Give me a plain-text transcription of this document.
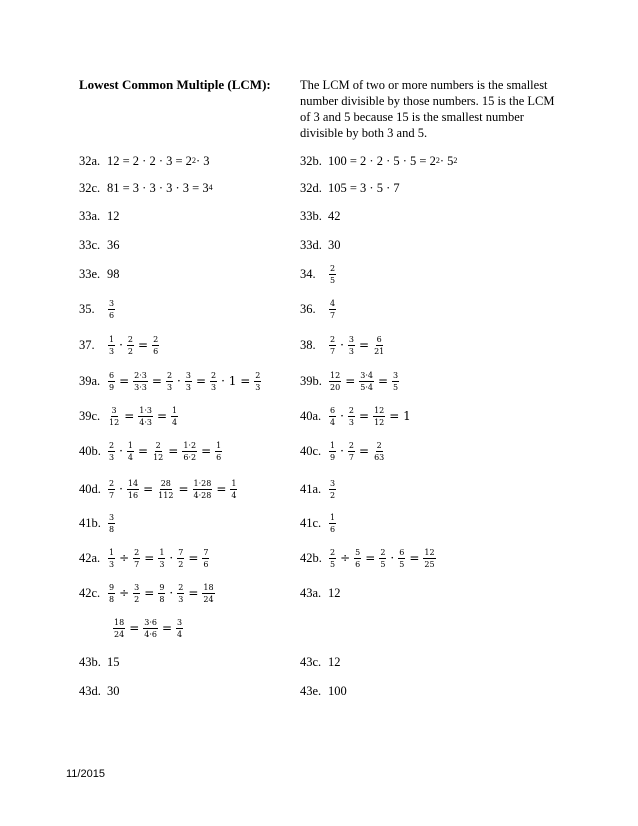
Lowest Common Multiple (LCM): The LCM of two or more numbers is the smallest number divisible by those numbers. 15 is the LCM of 3 and 5 because 15 is the smallest number divisible by both 3 and 5.
32a. 12 = 2 · 2 · 3 = 2 2 · 3	32b. 100 = 2 · 2 · 5 · 5 = 2 2 · 5 2
32c. 81 = 3 · 3 · 3 · 3 = 3 4	32d. 105 = 3 · 5 · 7
33a. 12	33b. 42
33c. 36	33d. 30
33e. 98	34.	$\frac{2}{5}$
35.	$\frac{3}{6}$	36.	$\frac{4}{7}$
37.	$\frac{1}{3} \cdot \frac{2}{2} = \frac{2}{6}$	38.	$\frac{2}{7} \cdot \frac{3}{3} = \frac{6}{21}$
39a. $\frac{6}{9} = \frac{2\cdot 3}{3\cdot 3} = \frac{2}{3} \cdot \frac{3}{3} = \frac{2}{3} \cdot 1 = \frac{2}{3}$	39b. $\frac{12}{20} = \frac{3\cdot 4}{5\cdot 4} = \frac{3}{5}$
39c. $\frac{3}{12} = \frac{1\cdot 3}{4\cdot 3} = \frac{1}{4}$	40a. $\frac{6}{4} \cdot \frac{2}{3} = \frac{12}{12} = 1$
40b. $\frac{2}{3} \cdot \frac{1}{4} = \frac{2}{12} = \frac{1\cdot 2}{6\cdot 2} = \frac{1}{6}$	40c. $\frac{1}{9} \cdot \frac{2}{7} = \frac{2}{63}$
40d. $\frac{2}{7} \cdot \frac{14}{16} = \frac{28}{112} = \frac{1\cdot 28}{4\cdot 28} = \frac{1}{4}$	41a. $\frac{3}{2}$
41b. $\frac{3}{8}$	41c. $\frac{1}{6}$
42a. $\frac{1}{3} \div \frac{2}{7} = \frac{1}{3} \cdot \frac{7}{2} = \frac{7}{6}$	42b. $\frac{2}{5} \div \frac{5}{6} = \frac{2}{5} \cdot \frac{6}{5} = \frac{12}{25}$
42c. $\frac{9}{8} \div \frac{3}{2} = \frac{9}{8} \cdot \frac{2}{3} = \frac{18}{24}$	43a. 12
$\frac{18}{24} = \frac{3\cdot 6}{4\cdot 6} = \frac{3}{4}$
43b. 15	43c. 12
43d. 30	43e. 100
11/2015
